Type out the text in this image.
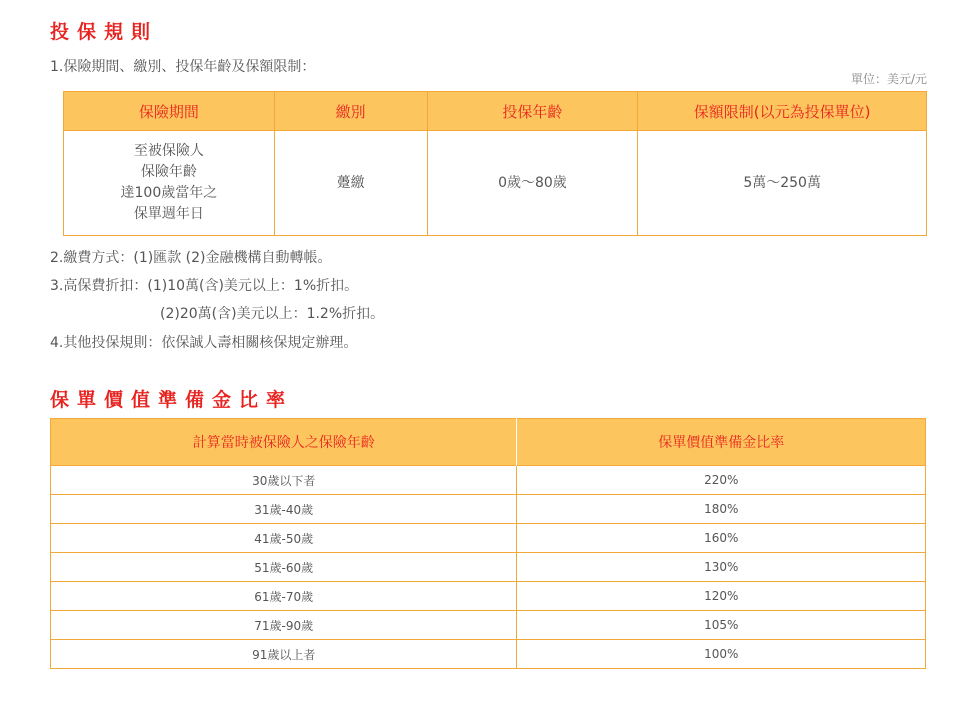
投保規則
1.保險期間、繳別、投保年齡及保額限制：
單位：美元/元
保險期間	繳別	投保年齡	保額限制(以元為投保單位)

至被保險人
保險年齡
達100歲當年之
保單週年日	躉繳	0歲～80歲	5萬～250萬
2.繳費方式：(1)匯款 (2)金融機構自動轉帳。
3.高保費折扣：(1)10萬(含)美元以上：1%折扣。
(2)20萬(含)美元以上：1.2%折扣。
4.其他投保規則：依保誠人壽相關核保規定辦理。
保單價值準備金比率
計算當時被保險人之保險年齡	保單價值準備金比率
30歲以下者	220%
31歲-40歲	180%
41歲-50歲	160%
51歲-60歲	130%
61歲-70歲	120%
71歲-90歲	105%
91歲以上者	100%
